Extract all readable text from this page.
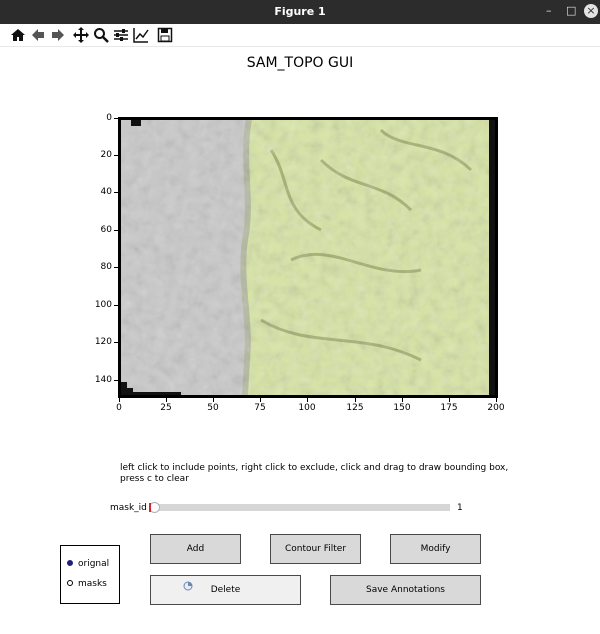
Figure 1	– □ ×
SAM_TOPO GUI
0
20
40
60
80
100
120
140
0	25	50	75	100	125	150	175	200
left click to include points, right click to exclude, click and drag to draw bounding box,
press c to clear
mask_id	1
orignal
masks
Add	Contour Filter	Modify
Delete	Save Annotations
